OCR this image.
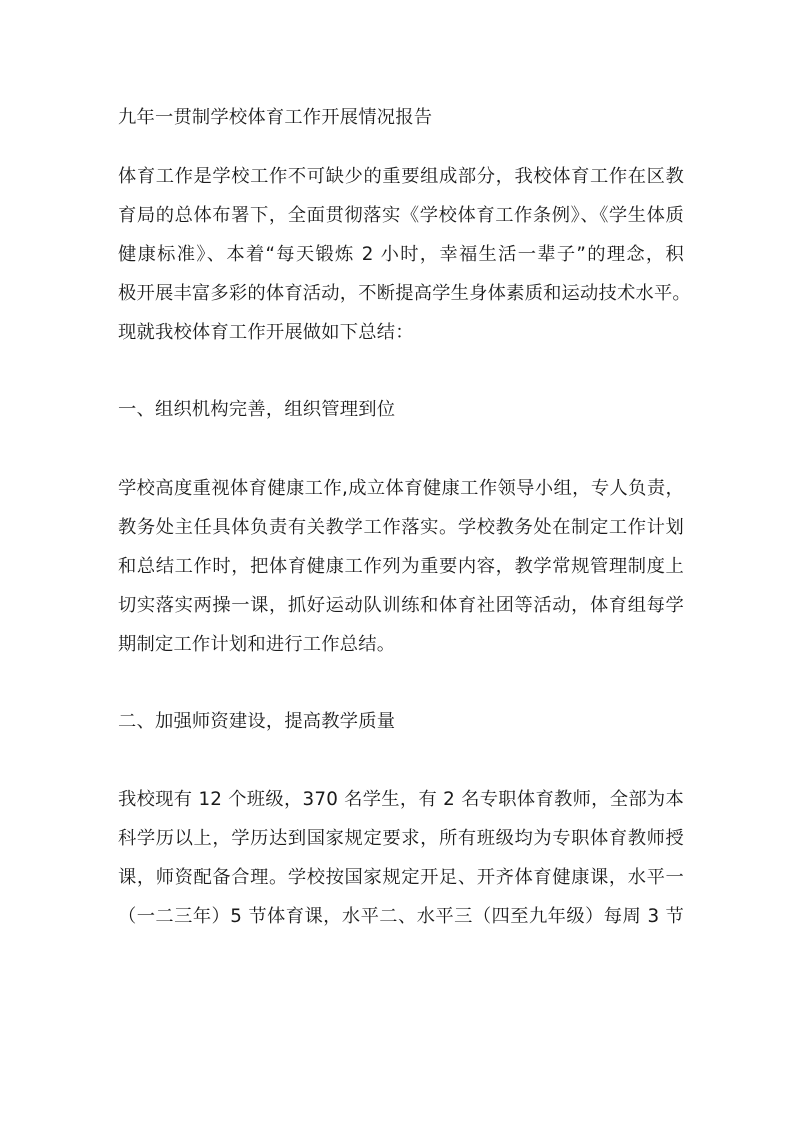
九年一贯制学校体育工作开展情况报告
体育工作是学校工作不可缺少的重要组成部分，我校体育工作在区教
育局的总体布署下，全面贯彻落实《学校体育工作条例》、《学生体质
健康标准》、本着“每天锻炼 2 小时，幸福生活一辈子”的理念，积
极开展丰富多彩的体育活动，不断提高学生身体素质和运动技术水平。
现就我校体育工作开展做如下总结：
一、组织机构完善，组织管理到位
学校高度重视体育健康工作,成立体育健康工作领导小组，专人负责，
教务处主任具体负责有关教学工作落实。学校教务处在制定工作计划
和总结工作时，把体育健康工作列为重要内容，教学常规管理制度上
切实落实两操一课，抓好运动队训练和体育社团等活动，体育组每学
期制定工作计划和进行工作总结。
二、加强师资建设，提高教学质量
我校现有 12 个班级，370 名学生，有 2 名专职体育教师，全部为本
科学历以上，学历达到国家规定要求，所有班级均为专职体育教师授
课，师资配备合理。学校按国家规定开足、开齐体育健康课，水平一
（一二三年）5 节体育课，水平二、水平三（四至九年级）每周 3 节
